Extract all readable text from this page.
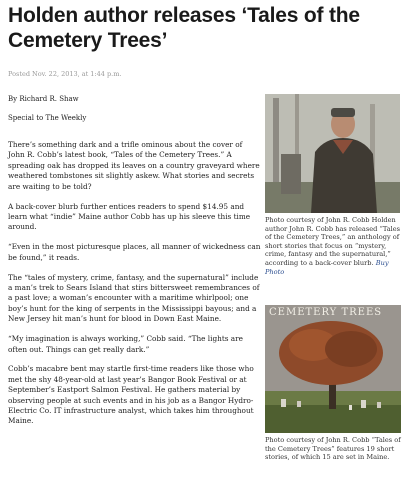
Holden author releases ‘Tales of the Cemetery Trees’
Posted Nov. 22, 2013, at 1:44 p.m.
By Richard R. Shaw
Special to The Weekly

There’s something dark and a trifle ominous about the cover of John R. Cobb’s latest book, “Tales of the Cemetery Trees.” A spreading oak has dropped its leaves on a country graveyard where weathered tombstones sit slightly askew. What stories and secrets are waiting to be told?

A back-cover blurb further entices readers to spend $14.95 and learn what “indie” Maine author Cobb has up his sleeve this time around.

“Even in the most picturesque places, all manner of wickedness can be found,” it reads.

The “tales of mystery, crime, fantasy, and the supernatural” include a man’s trek to Sears Island that stirs bittersweet remembrances of a past love; a woman’s encounter with a maritime whirlpool; one boy’s hunt for the king of serpents in the Mississippi bayous; and a New Jersey hit man’s hunt for blood in Down East Maine.

“My imagination is always working,” Cobb said. “The lights are often out. Things can get really dark.”

Cobb’s macabre bent may startle first-time readers like those who met the shy 48-year-old at last year’s Bangor Book Festival or at September’s Eastport Salmon Festival. He gathers material by observing people at such events and in his job as a Bangor Hydro-Electric Co. IT infrastructure analyst, which takes him throughout Maine.

Photo courtesy of John R. Cobb Holden author John R. Cobb has released “Tales of the Cemetery Trees,” an anthology of short stories that focus on “mystery, crime, fantasy and the supernatural,” according to a back-cover blurb. Buy Photo
CEMETERY TREES
Photo courtesy of John R. Cobb “Tales of the Cemetery Trees” features 19 short stories, of which 15 are set in Maine.
